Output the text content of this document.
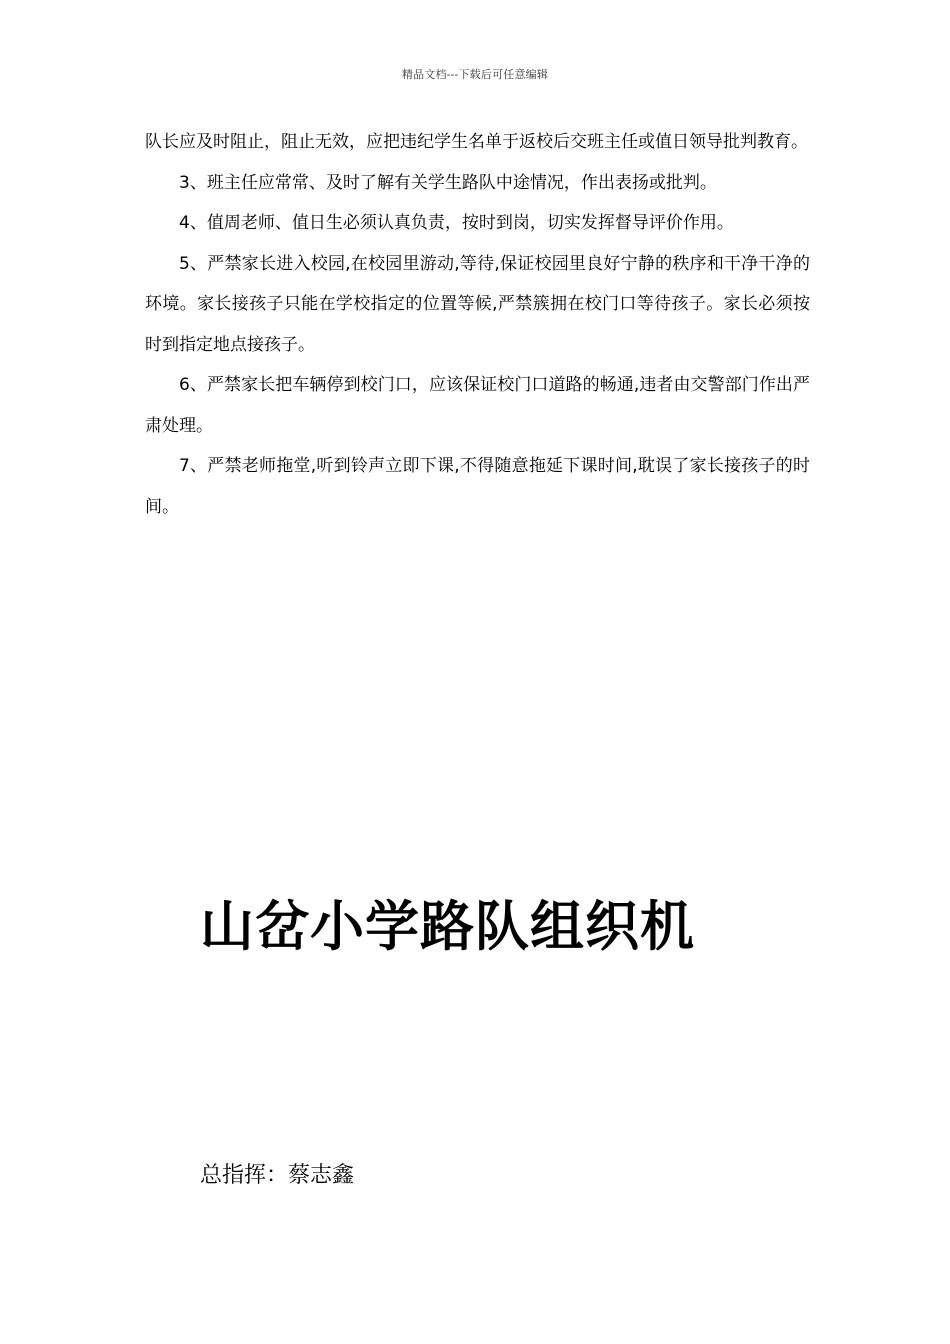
精品文档---下载后可任意编辑

队长应及时阻止，阻止无效，应把违纪学生名单于返校后交班主任或值日领导批判教育。

3、班主任应常常、及时了解有关学生路队中途情况，作出表扬或批判。

4、值周老师、值日生必须认真负责，按时到岗，切实发挥督导评价作用。

5、严禁家长进入校园,在校园里游动,等待,保证校园里良好宁静的秩序和干净干净的环境。家长接孩子只能在学校指定的位置等候,严禁簇拥在校门口等待孩子。家长必须按时到指定地点接孩子。

6、严禁家长把车辆停到校门口，应该保证校门口道路的畅通,违者由交警部门作出严肃处理。

7、严禁老师拖堂,听到铃声立即下课,不得随意拖延下课时间,耽误了家长接孩子的时间。

山岔小学路队组织机
总指挥：蔡志鑫
